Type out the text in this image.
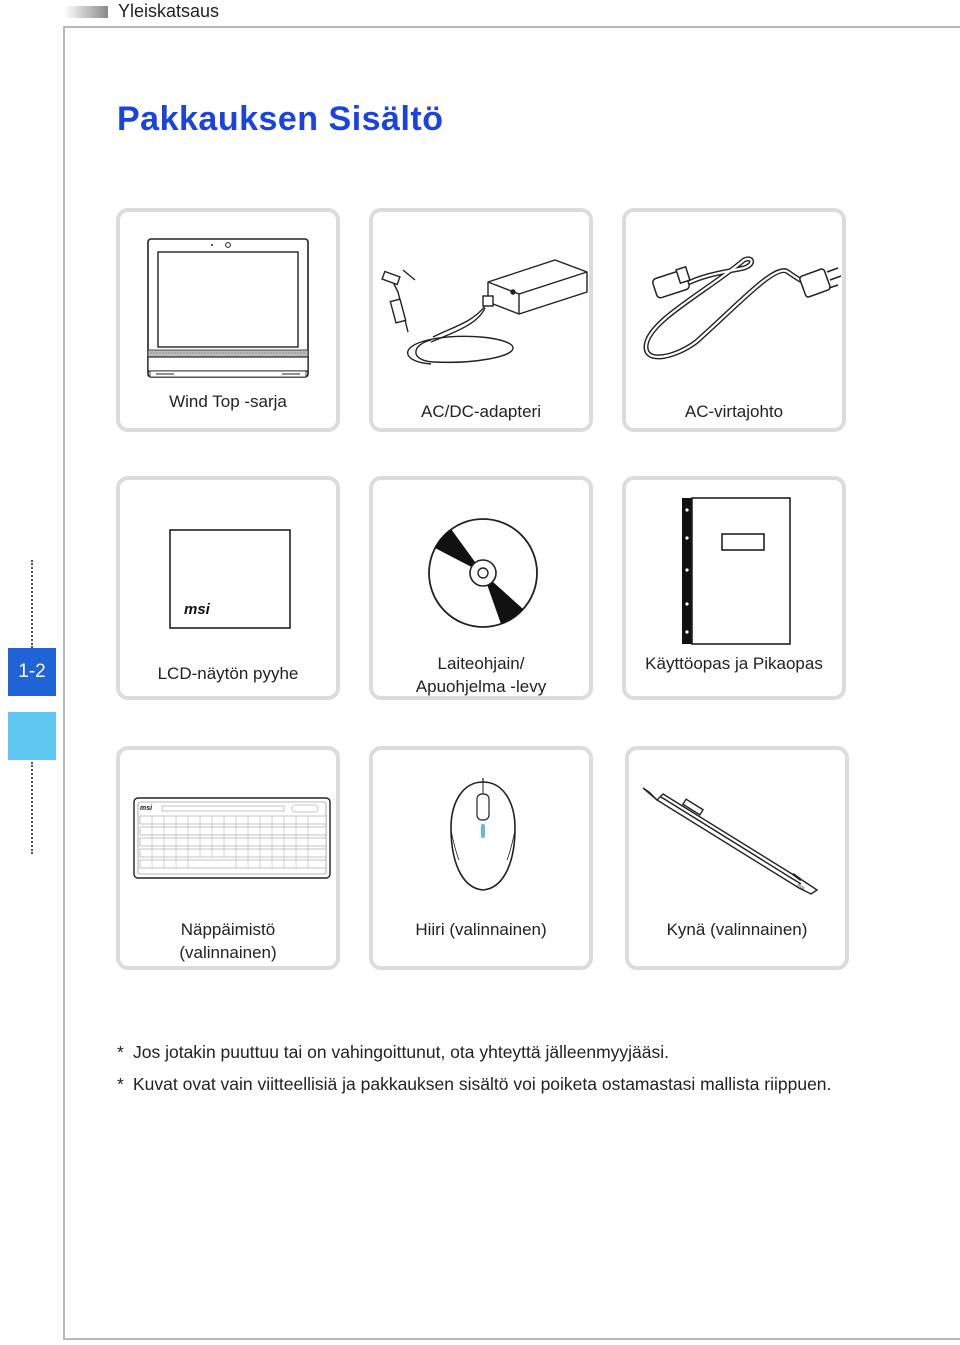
Yleiskatsaus
Pakkauksen Sisältö
1-2
Wind Top -sarja
AC/DC-adapteri	AC-virtajohto
msi
LCD-näytön pyyhe
Laiteohjain/
Apuohjelma -levy
Käyttöopas ja Pikaopas
msi
Näppäimistö
(valinnainen)
Hiiri (valinnainen)
msi
Kynä (valinnainen)
* Jos jotakin puuttuu tai on vahingoittunut, ota yhteyttä jälleenmyyjääsi.
* Kuvat ovat vain viitteellisiä ja pakkauksen sisältö voi poiketa ostamastasi mallista riippuen.
